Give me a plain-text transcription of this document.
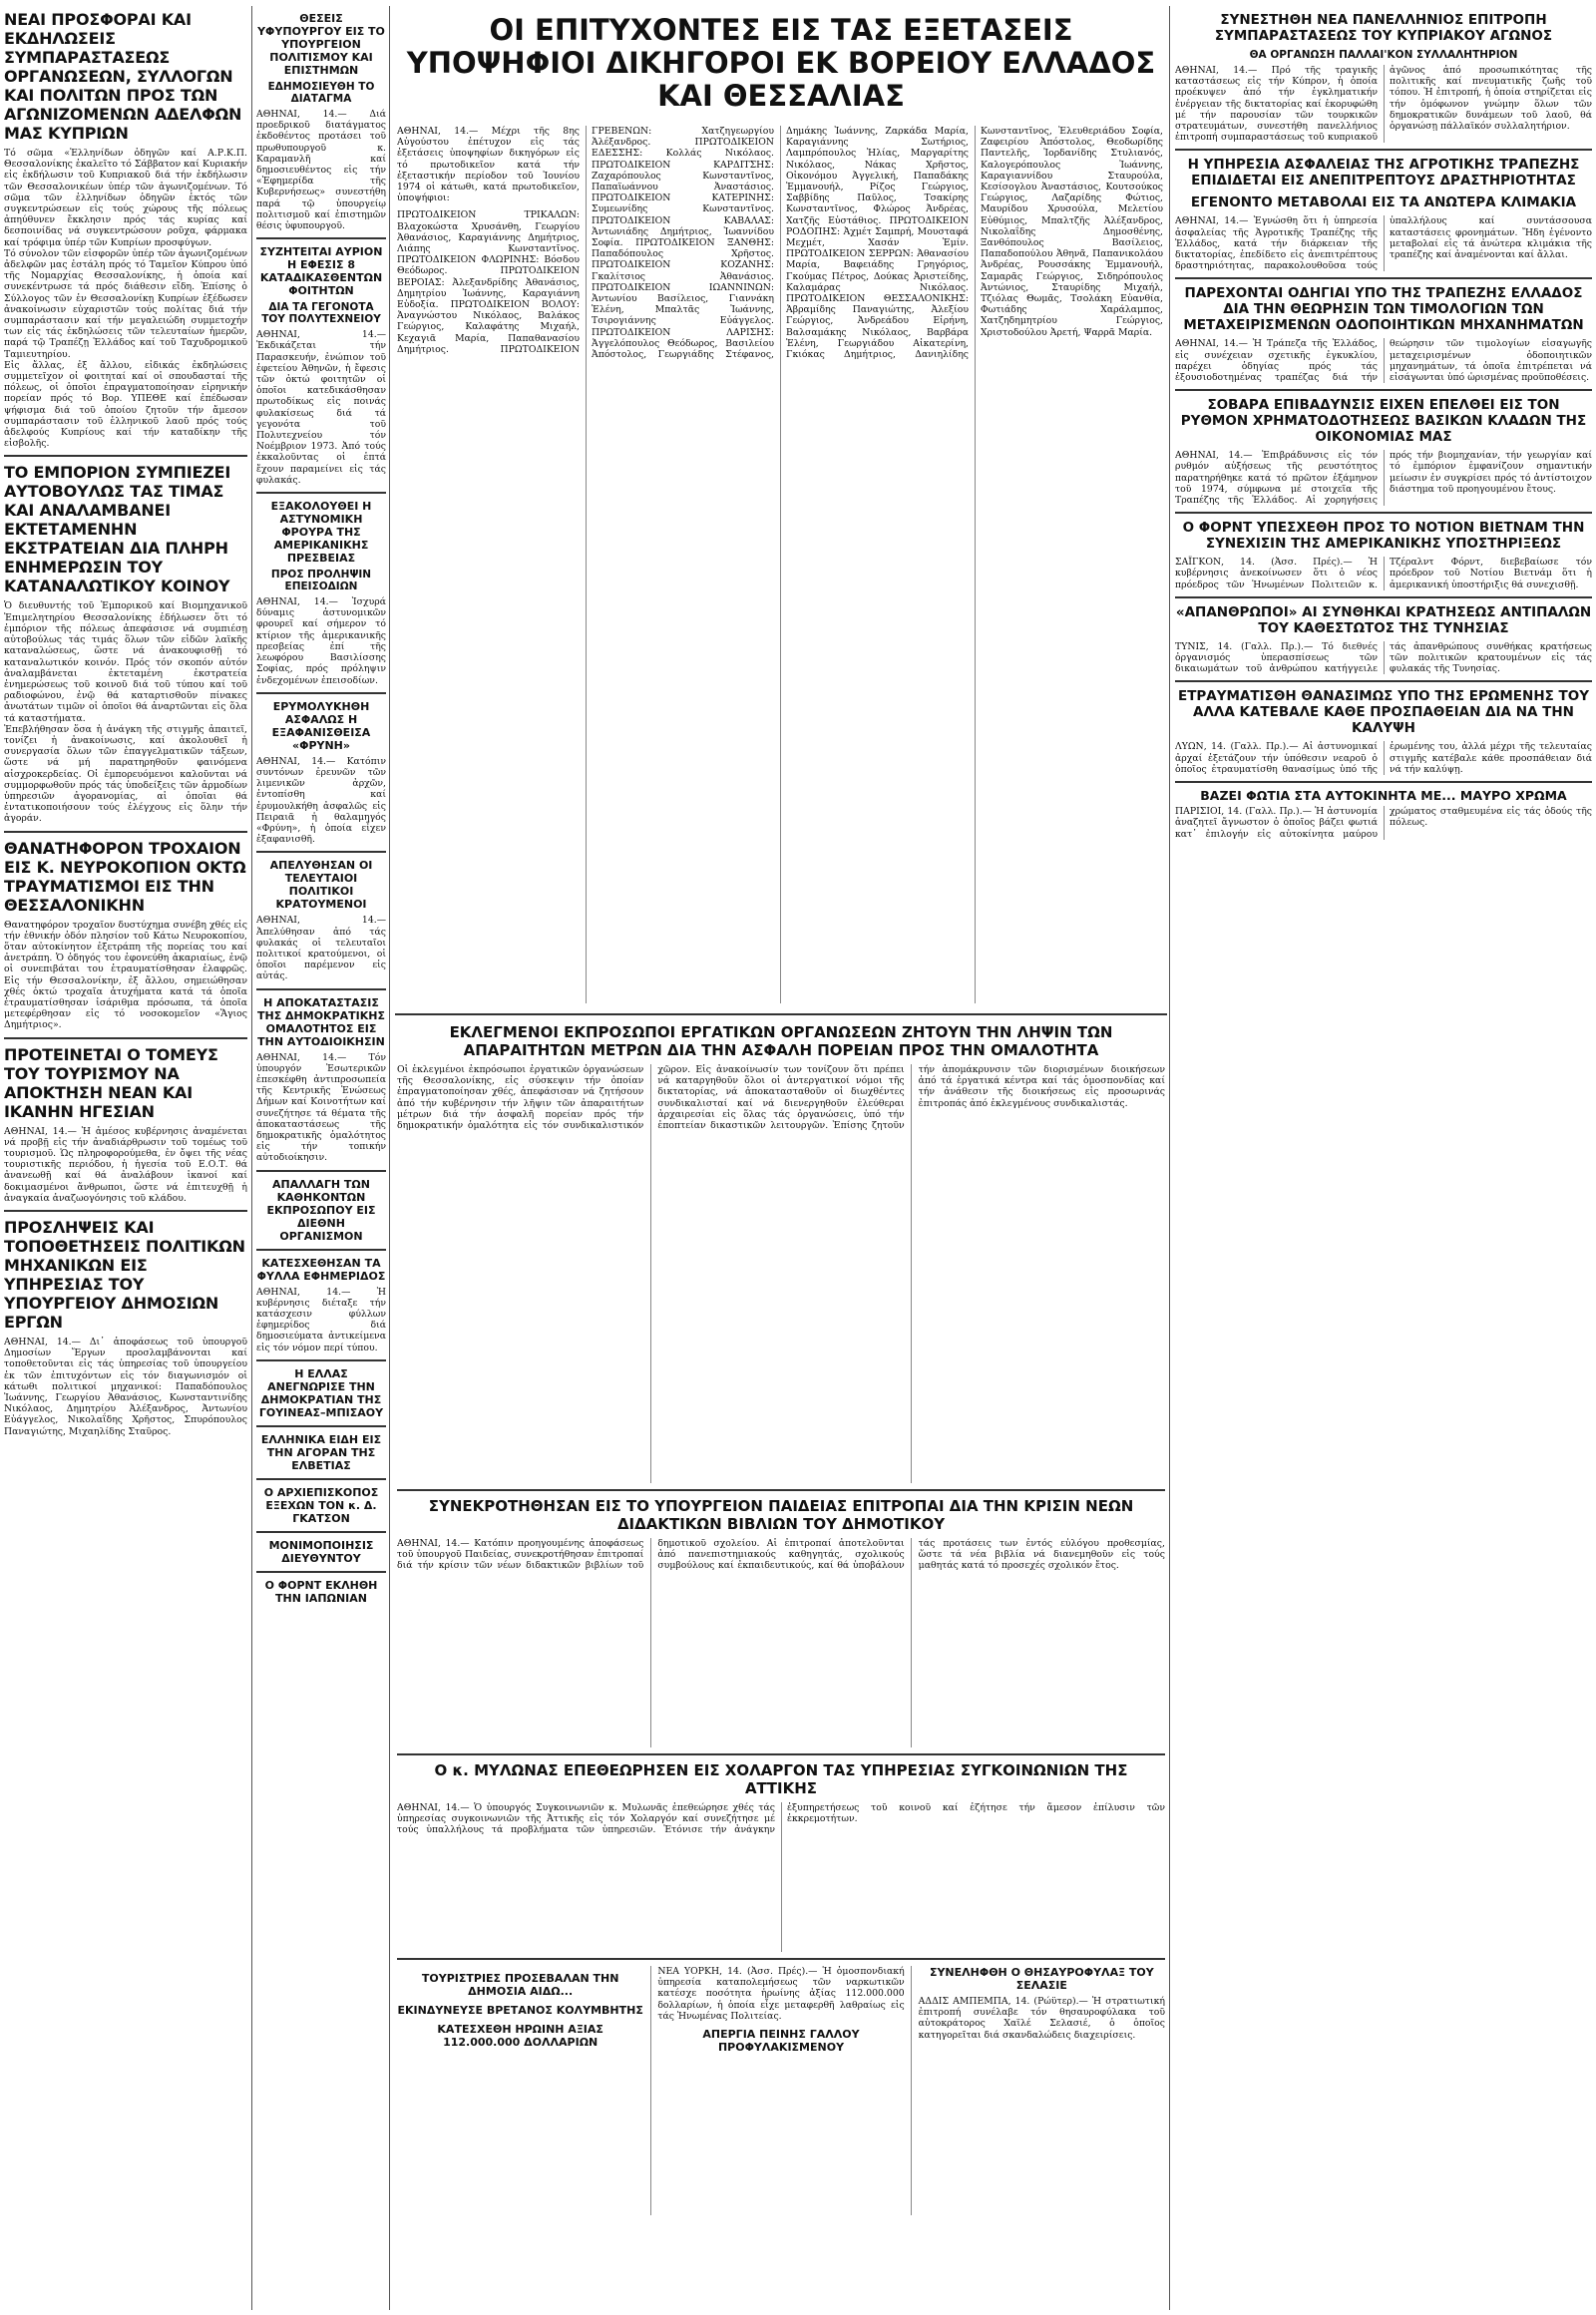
ΝΕΑΙ ΠΡΟΣΦΟΡΑΙ ΚΑΙ ΕΚΔΗΛΩΣΕΙΣ ΣΥΜΠΑΡΑΣΤΑΣΕΩΣ ΟΡΓΑΝΩΣΕΩΝ, ΣΥΛΛΟΓΩΝ ΚΑΙ ΠΟΛΙΤΩΝ ΠΡΟΣ ΤΩΝ ΑΓΩΝΙΖΟΜΕΝΩΝ ΑΔΕΛΦΩΝ ΜΑΣ ΚΥΠΡΙΩΝ

Τό σῶμα «Ἑλληνίδων ὁδηγῶν καί Α.Ρ.Κ.Π. Θεσσαλονίκης ἐκαλεῖτο τό Σάββατον καί Κυριακήν εἰς ἐκδήλωσιν τοῦ Κυπριακοῦ διά τήν ἐκδήλωσιν τῶν Θεσσαλονικέων ὑπέρ τῶν ἀγωνιζομένων. Τό σῶμα τῶν ἑλληνίδων ὁδηγῶν ἐκτός τῶν συγκεντρώσεων εἰς τούς χώρους τῆς πόλεως ἀπηύθυνεν ἔκκλησιν πρός τάς κυρίας καί δεσποινίδας νά συγκεντρώσουν ροῦχα, φάρμακα καί τρόφιμα ὑπέρ τῶν Κυπρίων προσφύγων.

Τό σύνολον τῶν εἰσφορῶν ὑπέρ τῶν ἀγωνιζομένων ἀδελφῶν μας ἐστάλη πρός τό Ταμεῖον Κύπρου ὑπό τῆς Νομαρχίας Θεσσαλονίκης, ἡ ὁποία καί συνεκέντρωσε τά πρός διάθεσιν εἴδη. Ἐπίσης ὁ Σύλλογος τῶν ἐν Θεσσαλονίκῃ Κυπρίων ἐξέδωσεν ἀνακοίνωσιν εὐχαριστῶν τούς πολίτας διά τήν συμπαράστασιν καί τήν μεγαλειώδη συμμετοχήν των εἰς τάς ἐκδηλώσεις τῶν τελευταίων ἡμερῶν, παρά τῷ Τραπέζῃ Ἑλλάδος καί τοῦ Ταχυδρομικοῦ Ταμιευτηρίου.

Εἰς ἄλλας, ἐξ ἄλλου, εἰδικάς ἐκδηλώσεις συμμετεῖχον οἱ φοιτηταί καί οἱ σπουδασταί τῆς πόλεως, οἱ ὁποῖοι ἐπραγματοποίησαν εἰρηνικήν πορείαν πρός τό Βορ. ΥΠΕΘΕ καί ἐπέδωσαν ψήφισμα διά τοῦ ὁποίου ζητοῦν τήν ἄμεσον συμπαράστασιν τοῦ ἑλληνικοῦ λαοῦ πρός τούς ἀδελφούς Κυπρίους καί τήν καταδίκην τῆς εἰσβολῆς.

ΤΟ ΕΜΠΟΡΙΟΝ ΣΥΜΠΙΕΖΕΙ ΑΥΤΟΒΟΥΛΩΣ ΤΑΣ ΤΙΜΑΣ ΚΑΙ ΑΝΑΛΑΜΒΑΝΕΙ ΕΚΤΕΤΑΜΕΝΗΝ ΕΚΣΤΡΑΤΕΙΑΝ ΔΙΑ ΠΛΗΡΗ ΕΝΗΜΕΡΩΣΙΝ ΤΟΥ ΚΑΤΑΝΑΛΩΤΙΚΟΥ ΚΟΙΝΟΥ

Ὁ διευθυντής τοῦ Ἐμπορικοῦ καί Βιομηχανικοῦ Ἐπιμελητηρίου Θεσσαλονίκης ἐδήλωσεν ὅτι τό ἐμπόριον τῆς πόλεως ἀπεφάσισε νά συμπιέσῃ αὐτοβούλως τάς τιμάς ὅλων τῶν εἰδῶν λαϊκῆς καταναλώσεως, ὥστε νά ἀνακουφισθῇ τό καταναλωτικόν κοινόν. Πρός τόν σκοπόν αὐτόν ἀναλαμβάνεται ἐκτεταμένη ἐκστρατεία ἐνημερώσεως τοῦ κοινοῦ διά τοῦ τύπου καί τοῦ ραδιοφώνου, ἐνῷ θά καταρτισθοῦν πίνακες ἀνωτάτων τιμῶν οἱ ὁποῖοι θά ἀναρτῶνται εἰς ὅλα τά καταστήματα.

Ἐπεβλήθησαν ὅσα ἡ ἀνάγκη τῆς στιγμῆς ἀπαιτεῖ, τονίζει ἡ ἀνακοίνωσις, καί ἀκολουθεῖ ἡ συνεργασία ὅλων τῶν ἐπαγγελματικῶν τάξεων, ὥστε νά μή παρατηρηθοῦν φαινόμενα αἰσχροκερδείας. Οἱ ἐμπορευόμενοι καλοῦνται νά συμμορφωθοῦν πρός τάς ὑποδείξεις τῶν ἁρμοδίων ὑπηρεσιῶν ἀγορανομίας, αἱ ὁποῖαι θά ἐντατικοποιήσουν τούς ἐλέγχους εἰς ὅλην τήν ἀγοράν.

ΘΑΝΑΤΗΦΟΡΟΝ ΤΡΟΧΑΙΟΝ ΕΙΣ Κ. ΝΕΥΡΟΚΟΠΙΟΝ ΟΚΤΩ ΤΡΑΥΜΑΤΙΣΜΟΙ ΕΙΣ ΤΗΝ ΘΕΣΣΑΛΟΝΙΚΗΝ

Θανατηφόρον τροχαῖον δυστύχημα συνέβη χθές εἰς τήν ἐθνικήν ὁδόν πλησίον τοῦ Κάτω Νευροκοπίου, ὅταν αὐτοκίνητον ἐξετράπη τῆς πορείας του καί ἀνετράπη. Ὁ ὁδηγός του ἐφονεύθη ἀκαριαίως, ἐνῷ οἱ συνεπιβάται του ἐτραυματίσθησαν ἐλαφρῶς. Εἰς τήν Θεσσαλονίκην, ἐξ ἄλλου, σημειώθησαν χθές ὀκτώ τροχαῖα ἀτυχήματα κατά τά ὁποῖα ἐτραυματίσθησαν ἰσάριθμα πρόσωπα, τά ὁποῖα μετεφέρθησαν εἰς τό νοσοκομεῖον «Ἅγιος Δημήτριος».

ΠΡΟΤΕΙΝΕΤΑΙ Ο ΤΟΜΕΥΣ ΤΟΥ ΤΟΥΡΙΣΜΟΥ ΝΑ ΑΠΟΚΤΗΣΗ ΝΕΑΝ ΚΑΙ ΙΚΑΝΗΝ ΗΓΕΣΙΑΝ

ΑΘΗΝΑΙ, 14.— Ἡ ἀμέσος κυβέρνησις ἀναμένεται νά προβῇ εἰς τήν ἀναδιάρθρωσιν τοῦ τομέως τοῦ τουρισμοῦ. Ὡς πληροφορούμεθα, ἐν ὄψει τῆς νέας τουριστικῆς περιόδου, ἡ ἡγεσία τοῦ Ε.Ο.Τ. θά ἀνανεωθῇ καί θά ἀναλάβουν ἱκανοί καί δοκιμασμένοι ἄνθρωποι, ὥστε νά ἐπιτευχθῇ ἡ ἀναγκαία ἀναζωογόνησις τοῦ κλάδου.

ΠΡΟΣΛΗΨΕΙΣ ΚΑΙ ΤΟΠΟΘΕΤΗΣΕΙΣ ΠΟΛΙΤΙΚΩΝ ΜΗΧΑΝΙΚΩΝ ΕΙΣ ΥΠΗΡΕΣΙΑΣ ΤΟΥ ΥΠΟΥΡΓΕΙΟΥ ΔΗΜΟΣΙΩΝ ΕΡΓΩΝ

ΑΘΗΝΑΙ, 14.— Δι᾽ ἀποφάσεως τοῦ ὑπουργοῦ Δημοσίων Ἔργων προσλαμβάνονται καί τοποθετοῦνται εἰς τάς ὑπηρεσίας τοῦ ὑπουργείου ἐκ τῶν ἐπιτυχόντων εἰς τόν διαγωνισμόν οἱ κάτωθι πολιτικοί μηχανικοί: Παπαδόπουλος Ἰωάννης, Γεωργίου Ἀθανάσιος, Κωνσταντινίδης Νικόλαος, Δημητρίου Ἀλέξανδρος, Ἀντωνίου Εὐάγγελος, Νικολαΐδης Χρῆστος, Σπυρόπουλος Παναγιώτης, Μιχαηλίδης Σταῦρος.

ΘΕΣΕΙΣ ΥΦΥΠΟΥΡΓΟΥ ΕΙΣ ΤΟ ΥΠΟΥΡΓΕΙΟΝ ΠΟΛΙΤΙΣΜΟΥ ΚΑΙ ΕΠΙΣΤΗΜΩΝ
ΕΔΗΜΟΣΙΕΥΘΗ ΤΟ ΔΙΑΤΑΓΜΑ

ΑΘΗΝΑΙ, 14.— Διά προεδρικοῦ διατάγματος ἐκδοθέντος προτάσει τοῦ πρωθυπουργοῦ κ. Καραμανλῆ καί δημοσιευθέντος εἰς τήν «Ἐφημερίδα τῆς Κυβερνήσεως» συνεστήθη παρά τῷ ὑπουργείῳ πολιτισμοῦ καί ἐπιστημῶν θέσις ὑφυπουργοῦ.

ΣΥΖΗΤΕΙΤΑΙ ΑΥΡΙΟΝ Η ΕΦΕΣΙΣ 8 ΚΑΤΑΔΙΚΑΣΘΕΝΤΩΝ ΦΟΙΤΗΤΩΝ
ΔΙΑ ΤΑ ΓΕΓΟΝΟΤΑ ΤΟΥ ΠΟΛΥΤΕΧΝΕΙΟΥ

ΑΘΗΝΑΙ, 14.— Ἐκδικάζεται τήν Παρασκευήν, ἐνώπιον τοῦ ἐφετείου Ἀθηνῶν, ἡ ἔφεσις τῶν ὀκτώ φοιτητῶν οἱ ὁποῖοι κατεδικάσθησαν πρωτοδίκως εἰς ποινάς φυλακίσεως διά τά γεγονότα τοῦ Πολυτεχνείου τόν Νοέμβριον 1973. Ἀπό τούς ἐκκαλοῦντας οἱ ἑπτά ἔχουν παραμείνει εἰς τάς φυλακάς.

ΕΞΑΚΟΛΟΥΘΕΙ Η ΑΣΤΥΝΟΜΙΚΗ ΦΡΟΥΡΑ ΤΗΣ ΑΜΕΡΙΚΑΝΙΚΗΣ ΠΡΕΣΒΕΙΑΣ
ΠΡΟΣ ΠΡΟΛΗΨΙΝ ΕΠΕΙΣΟΔΙΩΝ

ΑΘΗΝΑΙ, 14.— Ἰσχυρά δύναμις ἀστυνομικῶν φρουρεῖ καί σήμερον τό κτίριον τῆς ἀμερικανικῆς πρεσβείας ἐπί τῆς λεωφόρου Βασιλίσσης Σοφίας, πρός πρόληψιν ἐνδεχομένων ἐπεισοδίων.

ΕΡΥΜΟΛΥΚΗΘΗ ΑΣΦΑΛΩΣ Η ΕΞΑΦΑΝΙΣΘΕΙΣΑ «ΦΡΥΝΗ»

ΑΘΗΝΑΙ, 14.— Κατόπιν συντόνων ἐρευνῶν τῶν λιμενικῶν ἀρχῶν, ἐντοπίσθη καί ἐρυμουλκήθη ἀσφαλῶς εἰς Πειραιᾶ ἡ θαλαμηγός «Φρύνη», ἡ ὁποία εἶχεν ἐξαφανισθῆ.

ΑΠΕΛΥΘΗΣΑΝ ΟΙ ΤΕΛΕΥΤΑΙΟΙ ΠΟΛΙΤΙΚΟΙ ΚΡΑΤΟΥΜΕΝΟΙ

ΑΘΗΝΑΙ, 14.— Ἀπελύθησαν ἀπό τάς φυλακάς οἱ τελευταῖοι πολιτικοί κρατούμενοι, οἱ ὁποῖοι παρέμενον εἰς αὐτάς.

Η ΑΠΟΚΑΤΑΣΤΑΣΙΣ ΤΗΣ ΔΗΜΟΚΡΑΤΙΚΗΣ ΟΜΑΛΟΤΗΤΟΣ ΕΙΣ ΤΗΝ ΑΥΤΟΔΙΟΙΚΗΣΙΝ

ΑΘΗΝΑΙ, 14.— Τόν ὑπουργόν Ἐσωτερικῶν ἐπεσκέφθη ἀντιπροσωπεία τῆς Κεντρικῆς Ἑνώσεως Δήμων καί Κοινοτήτων καί συνεζήτησε τά θέματα τῆς ἀποκαταστάσεως τῆς δημοκρατικῆς ὁμαλότητος εἰς τήν τοπικήν αὐτοδιοίκησιν.

ΑΠΑΛΛΑΓΗ ΤΩΝ ΚΑΘΗΚΟΝΤΩΝ ΕΚΠΡΟΣΩΠΟΥ ΕΙΣ ΔΙΕΘΝΗ ΟΡΓΑΝΙΣΜΟΝ
ΚΑΤΕΣΧΕΘΗΣΑΝ ΤΑ ΦΥΛΛΑ ΕΦΗΜΕΡΙΔΟΣ

ΑΘΗΝΑΙ, 14.— Ἡ κυβέρνησις διέταξε τήν κατάσχεσιν φύλλων ἐφημερίδος διά δημοσιεύματα ἀντικείμενα εἰς τόν νόμον περί τύπου.

Η ΕΛΛΑΣ ΑΝΕΓΝΩΡΙΣΕ ΤΗΝ ΔΗΜΟΚΡΑΤΙΑΝ ΤΗΣ ΓΟΥΙΝΕΑΣ–ΜΠΙΣΑΟΥ
ΕΛΛΗΝΙΚΑ ΕΙΔΗ ΕΙΣ ΤΗΝ ΑΓΟΡΑΝ ΤΗΣ ΕΛΒΕΤΙΑΣ
Ο ΑΡΧΙΕΠΙΣΚΟΠΟΣ ΕΞΕΧΩΝ ΤΟΝ κ. Δ. ΓΚΑΤΣΟΝ
ΜΟΝΙΜΟΠΟΙΗΣΙΣ ΔΙΕΥΘΥΝΤΟΥ
Ο ΦΟΡΝΤ ΕΚΛΗΘΗ ΤΗΝ ΙΑΠΩΝΙΑΝ
ΟΙ ΕΠΙΤΥΧΟΝΤΕΣ ΕΙΣ ΤΑΣ ΕΞΕΤΑΣΕΙΣ ΥΠΟΨΗΦΙΟΙ ΔΙΚΗΓΟΡΟΙ ΕΚ ΒΟΡΕΙΟΥ ΕΛΛΑΔΟΣ ΚΑΙ ΘΕΣΣΑΛΙΑΣ

ΑΘΗΝΑΙ, 14.— Μέχρι τῆς 8ης Αὐγούστου ἐπέτυχον εἰς τάς ἐξετάσεις ὑποψηφίων δικηγόρων εἰς τό πρωτοδικεῖον κατά τήν ἐξεταστικήν περίοδον τοῦ Ἰουνίου 1974 οἱ κάτωθι, κατά πρωτοδικεῖον, ὑποψήφιοι:

ΠΡΩΤΟΔΙΚΕΙΟΝ ΤΡΙΚΑΛΩΝ: Βλαχοκώστα Χρυσάνθη, Γεωργίου Ἀθανάσιος, Καραγιάννης Δημήτριος, Λιάπης Κωνσταντῖνος. ΠΡΩΤΟΔΙΚΕΙΟΝ ΦΛΩΡΙΝΗΣ: Βόσδου Θεόδωρος. ΠΡΩΤΟΔΙΚΕΙΟΝ ΒΕΡΟΙΑΣ: Ἀλεξανδρίδης Ἀθανάσιος, Δημητρίου Ἰωάννης, Καραγιάννη Εὐδοξία. ΠΡΩΤΟΔΙΚΕΙΟΝ ΒΟΛΟΥ: Ἀναγνώστου Νικόλαος, Βαλάκος Γεώργιος, Καλαφάτης Μιχαήλ, Κεχαγιᾶ Μαρία, Παπαθανασίου Δημήτριος. ΠΡΩΤΟΔΙΚΕΙΟΝ ΓΡΕΒΕΝΩΝ: Χατζηγεωργίου Ἀλέξανδρος. ΠΡΩΤΟΔΙΚΕΙΟΝ ΕΔΕΣΣΗΣ: Κολλάς Νικόλαος. ΠΡΩΤΟΔΙΚΕΙΟΝ ΚΑΡΔΙΤΣΗΣ: Ζαχαρόπουλος Κωνσταντῖνος, Παπαϊωάννου Ἀναστάσιος. ΠΡΩΤΟΔΙΚΕΙΟΝ ΚΑΤΕΡΙΝΗΣ: Συμεωνίδης Κωνσταντῖνος. ΠΡΩΤΟΔΙΚΕΙΟΝ ΚΑΒΑΛΑΣ: Ἀντωνιάδης Δημήτριος, Ἰωαννίδου Σοφία. ΠΡΩΤΟΔΙΚΕΙΟΝ ΞΑΝΘΗΣ: Παπαδόπουλος Χρῆστος. ΠΡΩΤΟΔΙΚΕΙΟΝ ΚΟΖΑΝΗΣ: Γκαλίτσιος Ἀθανάσιος. ΠΡΩΤΟΔΙΚΕΙΟΝ ΙΩΑΝΝΙΝΩΝ: Ἀντωνίου Βασίλειος, Γιαννάκη Ἑλένη, Μπαλτᾶς Ἰωάννης, Τσιρογιάννης Εὐάγγελος. ΠΡΩΤΟΔΙΚΕΙΟΝ ΛΑΡΙΣΗΣ: Ἀγγελόπουλος Θεόδωρος, Βασιλείου Ἀπόστολος, Γεωργιάδης Στέφανος, Δημάκης Ἰωάννης, Ζαρκάδα Μαρία, Καραγιάννης Σωτήριος, Λαμπρόπουλος Ἠλίας, Μαργαρίτης Νικόλαος, Νάκας Χρῆστος, Οἰκονόμου Ἀγγελική, Παπαδάκης Ἐμμανουήλ, Ρίζος Γεώργιος, Σαββίδης Παῦλος, Τσακίρης Κωνσταντῖνος, Φλώρος Ἀνδρέας, Χατζῆς Εὐστάθιος. ΠΡΩΤΟΔΙΚΕΙΟΝ ΡΟΔΟΠΗΣ: Ἀχμέτ Σαμπρή, Μουσταφά Μεχμέτ, Χασάν Ἐμίν. ΠΡΩΤΟΔΙΚΕΙΟΝ ΣΕΡΡΩΝ: Ἀθανασίου Μαρία, Βαφειάδης Γρηγόριος, Γκούμας Πέτρος, Δούκας Ἀριστείδης, Καλαμάρας Νικόλαος. ΠΡΩΤΟΔΙΚΕΙΟΝ ΘΕΣΣΑΛΟΝΙΚΗΣ: Ἀβραμίδης Παναγιώτης, Ἀλεξίου Γεώργιος, Ἀνδρεάδου Εἰρήνη, Βαλσαμάκης Νικόλαος, Βαρβάρα Ἑλένη, Γεωργιάδου Αἰκατερίνη, Γκιόκας Δημήτριος, Δανιηλίδης Κωνσταντῖνος, Ἐλευθεριάδου Σοφία, Ζαφειρίου Ἀπόστολος, Θεοδωρίδης Παντελῆς, Ἰορδανίδης Στυλιανός, Καλογερόπουλος Ἰωάννης, Καραγιαννίδου Σταυρούλα, Κεσίσογλου Ἀναστάσιος, Κουτσούκος Γεώργιος, Λαζαρίδης Φώτιος, Μαυρίδου Χρυσούλα, Μελετίου Εὐθύμιος, Μπαλτζῆς Ἀλέξανδρος, Νικολαΐδης Δημοσθένης, Ξανθόπουλος Βασίλειος, Παπαδοπούλου Ἀθηνᾶ, Παπανικολάου Ἀνδρέας, Ρουσσάκης Ἐμμανουήλ, Σαμαρᾶς Γεώργιος, Σιδηρόπουλος Ἀντώνιος, Σταυρίδης Μιχαήλ, Τζιόλας Θωμᾶς, Τσολάκη Εὐανθία, Φωτιάδης Χαράλαμπος, Χατζηδημητρίου Γεώργιος, Χριστοδούλου Ἀρετή, Ψαρρᾶ Μαρία.

ΕΚΛΕΓΜΕΝΟΙ ΕΚΠΡΟΣΩΠΟΙ ΕΡΓΑΤΙΚΩΝ ΟΡΓΑΝΩΣΕΩΝ ΖΗΤΟΥΝ ΤΗΝ ΛΗΨΙΝ ΤΩΝ ΑΠΑΡΑΙΤΗΤΩΝ ΜΕΤΡΩΝ ΔΙΑ ΤΗΝ ΑΣΦΑΛΗ ΠΟΡΕΙΑΝ ΠΡΟΣ ΤΗΝ ΟΜΑΛΟΤΗΤΑ

Οἱ ἐκλεγμένοι ἐκπρόσωποι ἐργατικῶν ὀργανώσεων τῆς Θεσσαλονίκης, εἰς σύσκεψιν τήν ὁποίαν ἐπραγματοποίησαν χθές, ἀπεφάσισαν νά ζητήσουν ἀπό τήν κυβέρνησιν τήν λῆψιν τῶν ἀπαραιτήτων μέτρων διά τήν ἀσφαλῆ πορείαν πρός τήν δημοκρατικήν ὁμαλότητα εἰς τόν συνδικαλιστικόν χῶρον. Εἰς ἀνακοίνωσίν των τονίζουν ὅτι πρέπει νά καταργηθοῦν ὅλοι οἱ ἀντεργατικοί νόμοι τῆς δικτατορίας, νά ἀποκατασταθοῦν οἱ διωχθέντες συνδικαλισταί καί νά διενεργηθοῦν ἐλεύθεραι ἀρχαιρεσίαι εἰς ὅλας τάς ὀργανώσεις, ὑπό τήν ἐποπτείαν δικαστικῶν λειτουργῶν. Ἐπίσης ζητοῦν τήν ἀπομάκρυνσιν τῶν διορισμένων διοικήσεων ἀπό τά ἐργατικά κέντρα καί τάς ὁμοσπονδίας καί τήν ἀνάθεσιν τῆς διοικήσεως εἰς προσωρινάς ἐπιτροπάς ἀπό ἐκλεγμένους συνδικαλιστάς.

ΣΥΝΕΚΡΟΤΗΘΗΣΑΝ ΕΙΣ ΤΟ ΥΠΟΥΡΓΕΙΟΝ ΠΑΙΔΕΙΑΣ ΕΠΙΤΡΟΠΑΙ ΔΙΑ ΤΗΝ ΚΡΙΣΙΝ ΝΕΩΝ ΔΙΔΑΚΤΙΚΩΝ ΒΙΒΛΙΩΝ ΤΟΥ ΔΗΜΟΤΙΚΟΥ

ΑΘΗΝΑΙ, 14.— Κατόπιν προηγουμένης ἀποφάσεως τοῦ ὑπουργοῦ Παιδείας, συνεκροτήθησαν ἐπιτροπαί διά τήν κρίσιν τῶν νέων διδακτικῶν βιβλίων τοῦ δημοτικοῦ σχολείου. Αἱ ἐπιτροπαί ἀποτελοῦνται ἀπό πανεπιστημιακούς καθηγητάς, σχολικούς συμβούλους καί ἐκπαιδευτικούς, καί θά ὑποβάλουν τάς προτάσεις των ἐντός εὐλόγου προθεσμίας, ὥστε τά νέα βιβλία νά διανεμηθοῦν εἰς τούς μαθητάς κατά τό προσεχές σχολικόν ἔτος.

Ο κ. ΜΥΛΩΝΑΣ ΕΠΕΘΕΩΡΗΣΕΝ ΕΙΣ ΧΟΛΑΡΓΟΝ ΤΑΣ ΥΠΗΡΕΣΙΑΣ ΣΥΓΚΟΙΝΩΝΙΩΝ ΤΗΣ ΑΤΤΙΚΗΣ

ΑΘΗΝΑΙ, 14.— Ὁ ὑπουργός Συγκοινωνιῶν κ. Μυλωνᾶς ἐπεθεώρησε χθές τάς ὑπηρεσίας συγκοινωνιῶν τῆς Ἀττικῆς εἰς τόν Χολαργόν καί συνεζήτησε μέ τούς ὑπαλλήλους τά προβλήματα τῶν ὑπηρεσιῶν. Ἐτόνισε τήν ἀνάγκην ἐξυπηρετήσεως τοῦ κοινοῦ καί ἐζήτησε τήν ἄμεσον ἐπίλυσιν τῶν ἐκκρεμοτήτων.

ΤΟΥΡΙΣΤΡΙΕΣ ΠΡΟΣΕΒΑΛΑΝ ΤΗΝ ΔΗΜΟΣΙΑ ΑΙΔΩ...
ΕΚΙΝΔΥΝΕΥΣΕ ΒΡΕΤΑΝΟΣ ΚΟΛΥΜΒΗΤΗΣ
ΚΑΤΕΣΧΕΘΗ ΗΡΩΙΝΗ ΑΞΙΑΣ 112.000.000 ΔΟΛΛΑΡΙΩΝ

ΝΕΑ ΥΟΡΚΗ, 14. (Ἀσσ. Πρές).— Ἡ ὁμοσπονδιακή ὑπηρεσία καταπολεμήσεως τῶν ναρκωτικῶν κατέσχε ποσότητα ἡρωίνης ἀξίας 112.000.000 δολλαρίων, ἡ ὁποία εἶχε μεταφερθῆ λαθραίως εἰς τάς Ἡνωμένας Πολιτείας.

ΑΠΕΡΓΙΑ ΠΕΙΝΗΣ ΓΑΛΛΟΥ ΠΡΟΦΥΛΑΚΙΣΜΕΝΟΥ
ΣΥΝΕΛΗΦΘΗ Ο ΘΗΣΑΥΡΟΦΥΛΑΞ ΤΟΥ ΣΕΛΑΣΙΕ

ΑΔΔΙΣ ΑΜΠΕΜΠΑ, 14. (Ρώϋτερ).— Ἡ στρατιωτική ἐπιτροπή συνέλαβε τόν θησαυροφύλακα τοῦ αὐτοκράτορος Χαϊλέ Σελασιέ, ὁ ὁποῖος κατηγορεῖται διά σκανδαλώδεις διαχειρίσεις.

ΣΥΝΕΣΤΗΘΗ ΝΕΑ ΠΑΝΕΛΛΗΝΙΟΣ ΕΠΙΤΡΟΠΗ ΣΥΜΠΑΡΑΣΤΑΣΕΩΣ ΤΟΥ ΚΥΠΡΙΑΚΟΥ ΑΓΩΝΟΣ
ΘΑ ΟΡΓΑΝΩΣΗ ΠΑΛΛΑΙ'ΚΟΝ ΣΥΛΛΑΛΗΤΗΡΙΟΝ

ΑΘΗΝΑΙ, 14.— Πρό τῆς τραγικῆς καταστάσεως εἰς τήν Κύπρον, ἡ ὁποία προέκυψεν ἀπό τήν ἐγκληματικήν ἐνέργειαν τῆς δικτατορίας καί ἐκορυφώθη μέ τήν παρουσίαν τῶν τουρκικῶν στρατευμάτων, συνεστήθη πανελλήνιος ἐπιτροπή συμπαραστάσεως τοῦ κυπριακοῦ ἀγῶνος ἀπό προσωπικότητας τῆς πολιτικῆς καί πνευματικῆς ζωῆς τοῦ τόπου. Ἡ ἐπιτροπή, ἡ ὁποία στηρίζεται εἰς τήν ὁμόφωνον γνώμην ὅλων τῶν δημοκρατικῶν δυνάμεων τοῦ λαοῦ, θά ὀργανώσῃ πάλλαϊκόν συλλαλητήριον.

Η ΥΠΗΡΕΣΙΑ ΑΣΦΑΛΕΙΑΣ ΤΗΣ ΑΓΡΟΤΙΚΗΣ ΤΡΑΠΕΖΗΣ ΕΠΙΔΙΔΕΤΑΙ ΕΙΣ ΑΝΕΠΙΤΡΕΠΤΟΥΣ ΔΡΑΣΤΗΡΙΟΤΗΤΑΣ
ΕΓΕΝΟΝΤΟ ΜΕΤΑΒΟΛΑΙ ΕΙΣ ΤΑ ΑΝΩΤΕΡΑ ΚΛΙΜΑΚΙΑ

ΑΘΗΝΑΙ, 14.— Ἐγνώσθη ὅτι ἡ ὑπηρεσία ἀσφαλείας τῆς Ἀγροτικῆς Τραπέζης τῆς Ἑλλάδος, κατά τήν διάρκειαν τῆς δικτατορίας, ἐπεδίδετο εἰς ἀνεπιτρέπτους δραστηριότητας, παρακολουθοῦσα τούς ὑπαλλήλους καί συντάσσουσα καταστάσεις φρονημάτων. Ἤδη ἐγένοντο μεταβολαί εἰς τά ἀνώτερα κλιμάκια τῆς τραπέζης καί ἀναμένονται καί ἄλλαι.

ΠΑΡΕΧΟΝΤΑΙ ΟΔΗΓΙΑΙ ΥΠΟ ΤΗΣ ΤΡΑΠΕΖΗΣ ΕΛΛΑΔΟΣ ΔΙΑ ΤΗΝ ΘΕΩΡΗΣΙΝ ΤΩΝ ΤΙΜΟΛΟΓΙΩΝ ΤΩΝ ΜΕΤΑΧΕΙΡΙΣΜΕΝΩΝ ΟΔΟΠΟΙΗΤΙΚΩΝ ΜΗΧΑΝΗΜΑΤΩΝ

ΑΘΗΝΑΙ, 14.— Ἡ Τράπεζα τῆς Ἑλλάδος, εἰς συνέχειαν σχετικῆς ἐγκυκλίου, παρέχει ὁδηγίας πρός τάς ἐξουσιοδοτημένας τραπέζας διά τήν θεώρησιν τῶν τιμολογίων εἰσαγωγῆς μεταχειρισμένων ὁδοποιητικῶν μηχανημάτων, τά ὁποῖα ἐπιτρέπεται νά εἰσάγωνται ὑπό ὡρισμένας προϋποθέσεις.

ΣΟΒΑΡΑ ΕΠΙΒΑΔΥΝΣΙΣ ΕΙΧΕΝ ΕΠΕΛΘΕΙ ΕΙΣ ΤΟΝ ΡΥΘΜΟΝ ΧΡΗΜΑΤΟΔΟΤΗΣΕΩΣ ΒΑΣΙΚΩΝ ΚΛΑΔΩΝ ΤΗΣ ΟΙΚΟΝΟΜΙΑΣ ΜΑΣ

ΑΘΗΝΑΙ, 14.— Ἐπιβράδυνσις εἰς τόν ρυθμόν αὐξήσεως τῆς ρευστότητος παρατηρήθηκε κατά τό πρῶτον ἑξάμηνον τοῦ 1974, σύμφωνα μέ στοιχεῖα τῆς Τραπέζης τῆς Ἑλλάδος. Αἱ χορηγήσεις πρός τήν βιομηχανίαν, τήν γεωργίαν καί τό ἐμπόριον ἐμφανίζουν σημαντικήν μείωσιν ἐν συγκρίσει πρός τό ἀντίστοιχον διάστημα τοῦ προηγουμένου ἔτους.

Ο ΦΟΡΝΤ ΥΠΕΣΧΕΘΗ ΠΡΟΣ ΤΟ ΝΟΤΙΟΝ ΒΙΕΤΝΑΜ ΤΗΝ ΣΥΝΕΧΙΣΙΝ ΤΗΣ ΑΜΕΡΙΚΑΝΙΚΗΣ ΥΠΟΣΤΗΡΙΞΕΩΣ

ΣΑΪΓΚΟΝ, 14. (Ἀσσ. Πρές).— Ἡ κυβέρνησις ἀνεκοίνωσεν ὅτι ὁ νέος πρόεδρος τῶν Ἡνωμένων Πολιτειῶν κ. Τζέραλντ Φόρντ, διεβεβαίωσε τόν πρόεδρον τοῦ Νοτίου Βιετνάμ ὅτι ἡ ἀμερικανική ὑποστήριξις θά συνεχισθῇ.

«ΑΠΑΝΘΡΩΠΟΙ» ΑΙ ΣΥΝΘΗΚΑΙ ΚΡΑΤΗΣΕΩΣ ΑΝΤΙΠΑΛΩΝ ΤΟΥ ΚΑΘΕΣΤΩΤΟΣ ΤΗΣ ΤΥΝΗΣΙΑΣ

ΤΥΝΙΣ, 14. (Γαλλ. Πρ.).— Τό διεθνές ὀργανισμός ὑπερασπίσεως τῶν δικαιωμάτων τοῦ ἀνθρώπου κατήγγειλε τάς ἀπανθρώπους συνθήκας κρατήσεως τῶν πολιτικῶν κρατουμένων εἰς τάς φυλακάς τῆς Τυνησίας.

ΕΤΡΑΥΜΑΤΙΣΘΗ ΘΑΝΑΣΙΜΩΣ ΥΠΟ ΤΗΣ ΕΡΩΜΕΝΗΣ ΤΟΥ ΑΛΛΑ ΚΑΤΕΒΑΛΕ ΚΑΘΕ ΠΡΟΣΠΑΘΕΙΑΝ ΔΙΑ ΝΑ ΤΗΝ ΚΑΛΥΨΗ

ΛΥΩΝ, 14. (Γαλλ. Πρ.).— Αἱ ἀστυνομικαί ἀρχαί ἐξετάζουν τήν ὑπόθεσιν νεαροῦ ὁ ὁποῖος ἐτραυματίσθη θανασίμως ὑπό τῆς ἐρωμένης του, ἀλλά μέχρι τῆς τελευταίας στιγμῆς κατέβαλε κάθε προσπάθειαν διά νά τήν καλύψῃ.

ΒΑΖΕΙ ΦΩΤΙΑ ΣΤΑ ΑΥΤΟΚΙΝΗΤΑ ΜΕ... ΜΑΥΡΟ ΧΡΩΜΑ

ΠΑΡΙΣΙΟΙ, 14. (Γαλλ. Πρ.).— Ἡ ἀστυνομία ἀναζητεῖ ἄγνωστον ὁ ὁποῖος βάζει φωτιά κατ᾽ ἐπιλογήν εἰς αὐτοκίνητα μαύρου χρώματος σταθμευμένα εἰς τάς ὁδούς τῆς πόλεως.
